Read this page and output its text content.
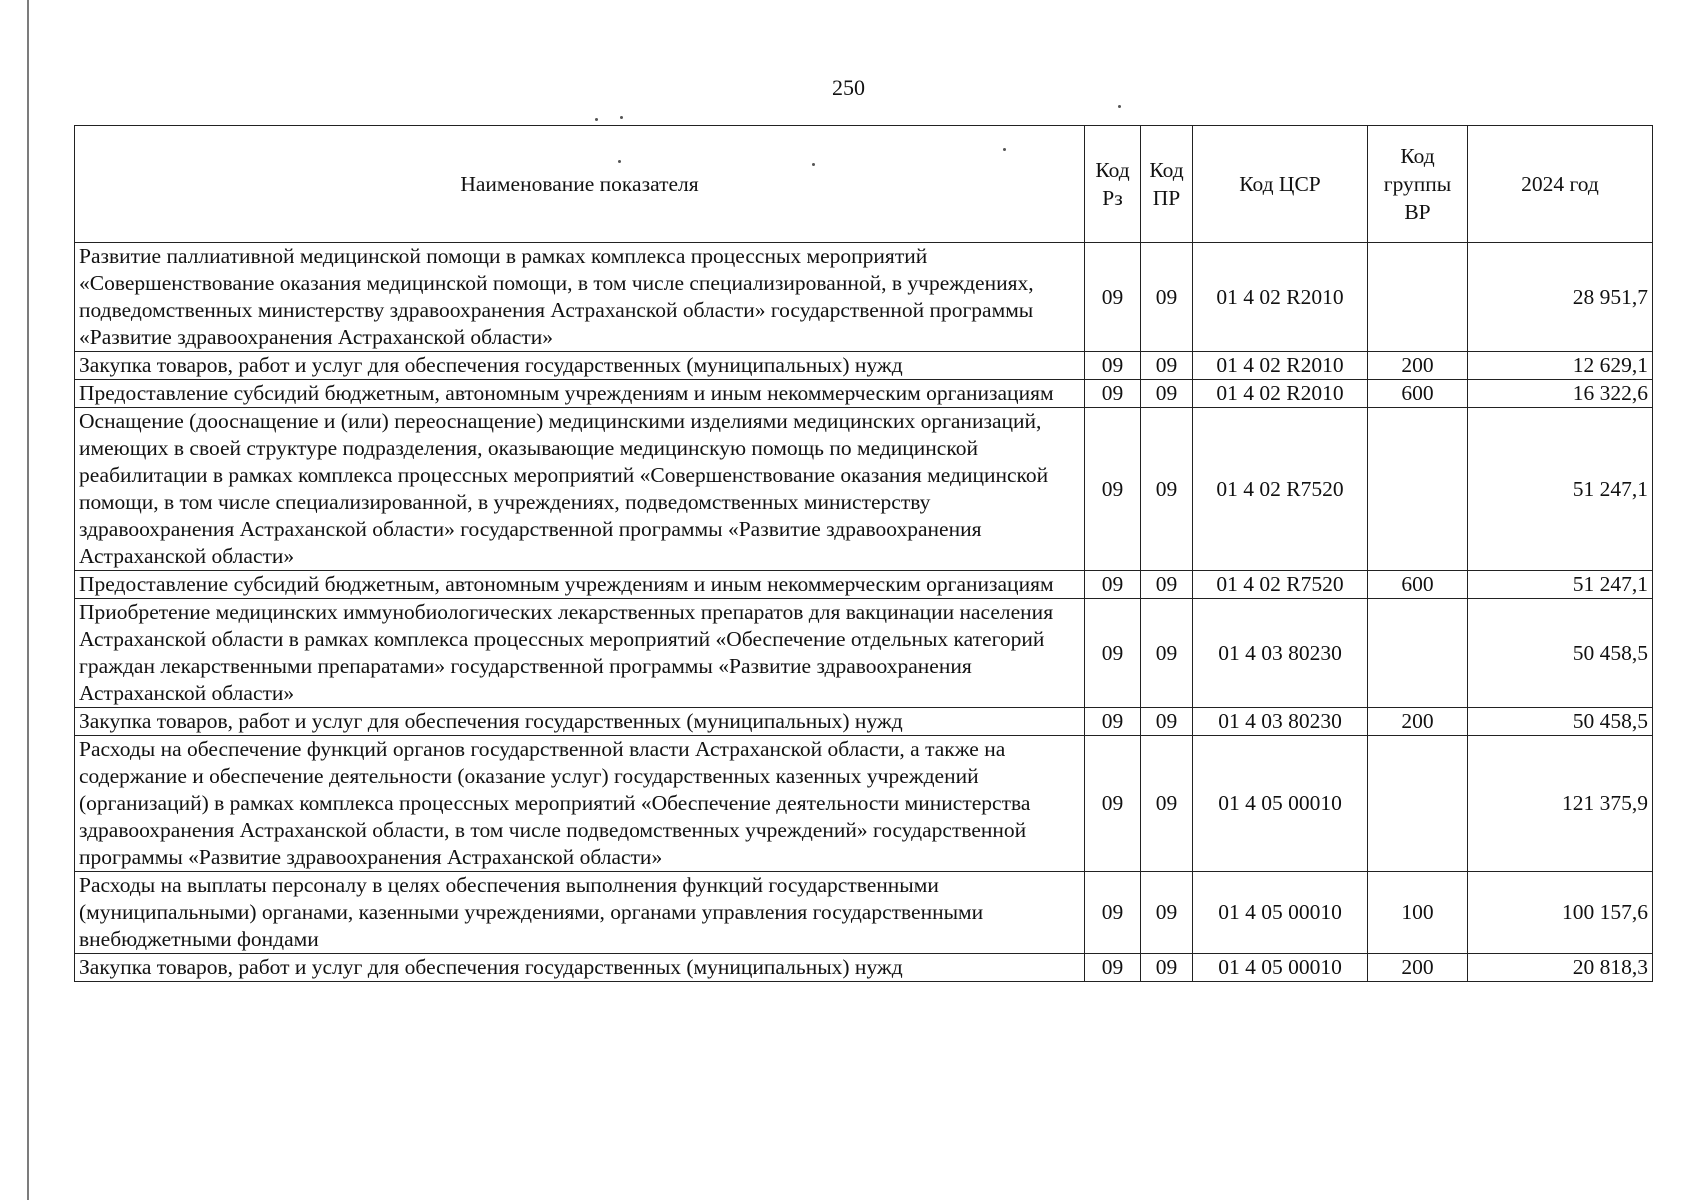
250
Наименование показателя	Код Рз	Код ПР	Код ЦСР	Код группы ВР	2024 год
Развитие паллиативной медицинской помощи в рамках комплекса процессных мероприятий «Совершенствование оказания медицинской помощи, в том числе специализированной, в учреждениях, подведомственных министерству здравоохранения Астраханской области» государственной программы «Развитие здравоохранения Астраханской области»	09	09	01 4 02 R2010		28 951,7
Закупка товаров, работ и услуг для обеспечения государственных (муниципальных) нужд	09	09	01 4 02 R2010	200	12 629,1
Предоставление субсидий бюджетным, автономным учреждениям и иным некоммерческим организациям	09	09	01 4 02 R2010	600	16 322,6
Оснащение (дооснащение и (или) переоснащение) медицинскими изделиями медицинских организаций, имеющих в своей структуре подразделения, оказывающие медицинскую помощь по медицинской реабилитации в рамках комплекса процессных мероприятий «Совершенствование оказания медицинской помощи, в том числе специализированной, в учреждениях, подведомственных министерству здравоохранения Астраханской области» государственной программы «Развитие здравоохранения Астраханской области»	09	09	01 4 02 R7520		51 247,1
Предоставление субсидий бюджетным, автономным учреждениям и иным некоммерческим организациям	09	09	01 4 02 R7520	600	51 247,1
Приобретение медицинских иммунобиологических лекарственных препаратов для вакцинации населения Астраханской области в рамках комплекса процессных мероприятий «Обеспечение отдельных категорий граждан лекарственными препаратами» государственной программы «Развитие здравоохранения Астраханской области»	09	09	01 4 03 80230		50 458,5
Закупка товаров, работ и услуг для обеспечения государственных (муниципальных) нужд	09	09	01 4 03 80230	200	50 458,5
Расходы на обеспечение функций органов государственной власти Астраханской области, а также на содержание и обеспечение деятельности (оказание услуг) государственных казенных учреждений (организаций) в рамках комплекса процессных мероприятий «Обеспечение деятельности министерства здравоохранения Астраханской области, в том числе подведомственных учреждений» государственной программы «Развитие здравоохранения Астраханской области»	09	09	01 4 05 00010		121 375,9
Расходы на выплаты персоналу в целях обеспечения выполнения функций государственными (муниципальными) органами, казенными учреждениями, органами управления государственными внебюджетными фондами	09	09	01 4 05 00010	100	100 157,6
Закупка товаров, работ и услуг для обеспечения государственных (муниципальных) нужд	09	09	01 4 05 00010	200	20 818,3
